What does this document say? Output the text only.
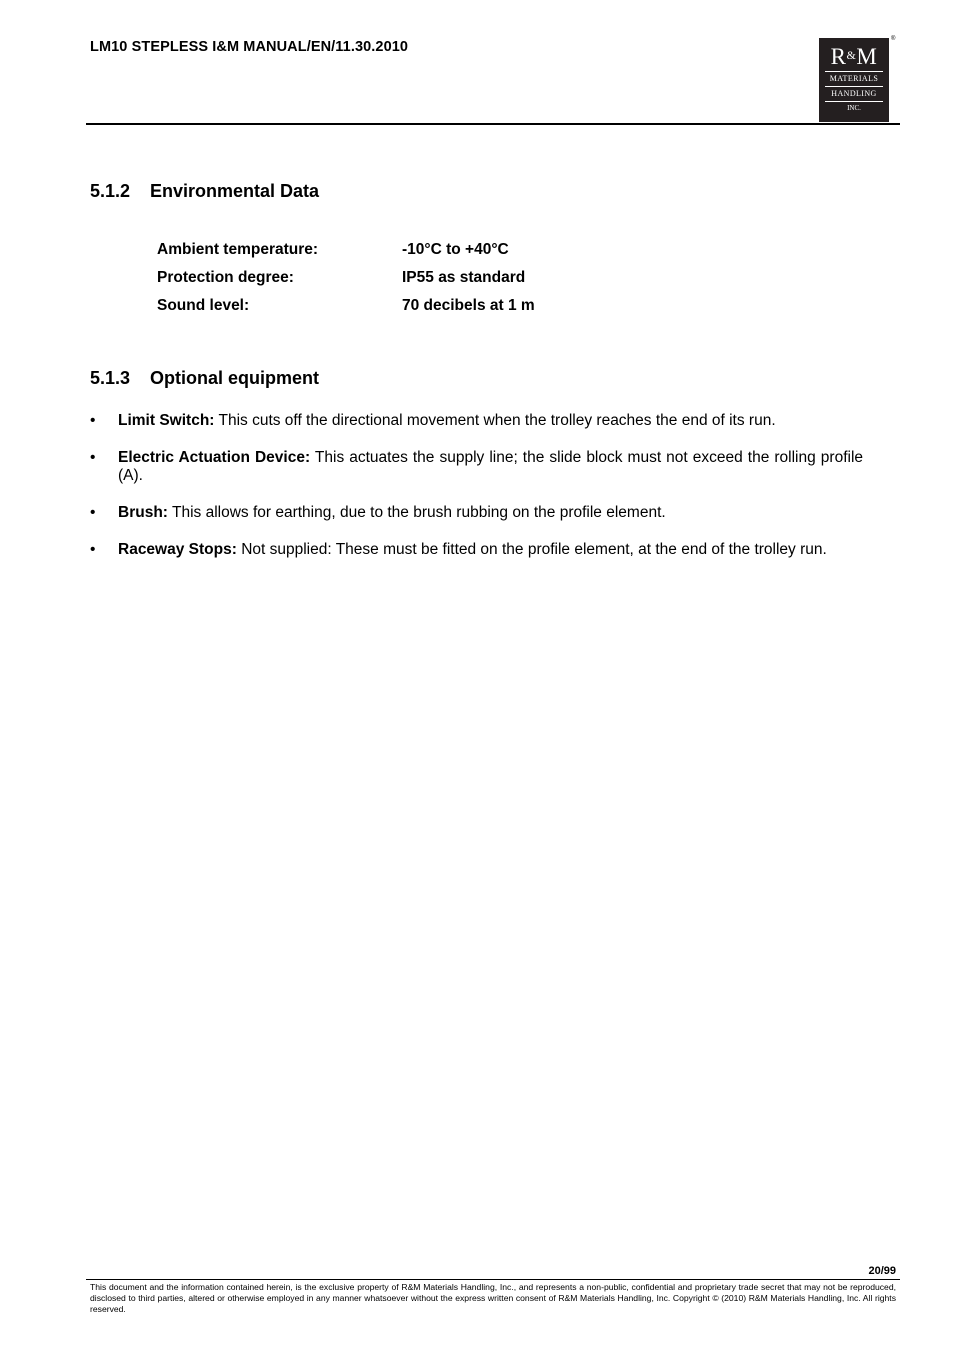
LM10 STEPLESS I&M MANUAL/EN/11.30.2010	R&M
MATERIALS
HANDLING
INC.
®
5.1.2 Environmental Data
Ambient temperature:	-10°C to +40°C
Protection degree:	IP55 as standard
Sound level:	70 decibels at 1 m
5.1.3 Optional equipment
• Limit Switch: This cuts off the directional movement when the trolley reaches the end of its run.
• Electric Actuation Device: This actuates the supply line; the slide block must not exceed the rolling profile (A).
• Brush: This allows for earthing, due to the brush rubbing on the profile element.
• Raceway Stops: Not supplied: These must be fitted on the profile element, at the end of the trolley run.
20/99
This document and the information contained herein, is the exclusive property of R&M Materials Handling, Inc., and represents a non-public, confidential and proprietary trade secret that may not be reproduced, disclosed to third parties, altered or otherwise employed in any manner whatsoever without the express written consent of R&M Materials Handling, Inc. Copyright © (2010) R&M Materials Handling, Inc. All rights reserved.
